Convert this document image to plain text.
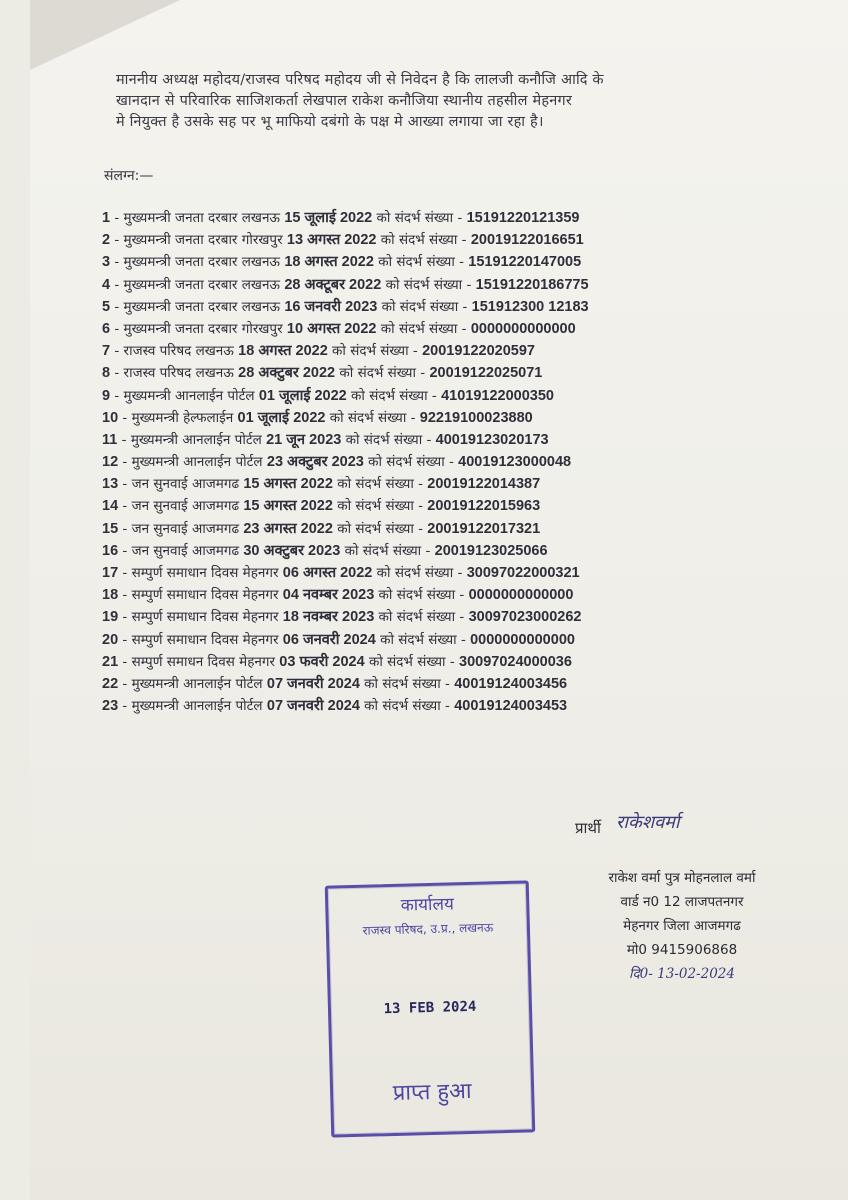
माननीय अध्यक्ष महोदय/राजस्व परिषद महोदय जी से निवेदन है कि लालजी कनौजि आदि के

खानदान से परिवारिक साजिशकर्ता लेखपाल राकेश कनौजिया स्थानीय तहसील मेहनगर

मे नियुक्त है उसके सह पर भू माफियो दबंगो के पक्ष मे आख्या लगाया जा रहा है।

संलग्न:—
1 - मुख्यमन्त्री जनता दरबार लखनऊ 15 जूलाई 2022 को संदर्भ संख्या - 15191220121359
2 - मुख्यमन्त्री जनता दरबार गोरखपुर 13 अगस्त 2022 को संदर्भ संख्या - 20019122016651
3 - मुख्यमन्त्री जनता दरबार लखनऊ 18 अगस्त 2022 को संदर्भ संख्या - 15191220147005
4 - मुख्यमन्त्री जनता दरबार लखनऊ 28 अक्टूबर 2022 को संदर्भ संख्या - 15191220186775
5 - मुख्यमन्त्री जनता दरबार लखनऊ 16 जनवरी 2023 को संदर्भ संख्या - 151912300 12183
6 - मुख्यमन्त्री जनता दरबार गोरखपुर 10 अगस्त 2022 को संदर्भ संख्या - 0000000000000
7 - राजस्व परिषद लखनऊ 18 अगस्त 2022 को संदर्भ संख्या - 20019122020597
8 - राजस्व परिषद लखनऊ 28 अक्टुबर 2022 को संदर्भ संख्या - 20019122025071
9 - मुख्यमन्त्री आनलाईन पोर्टल 01 जूलाई 2022 को संदर्भ संख्या - 41019122000350
10 - मुख्यमन्त्री हेल्फलाईन 01 जूलाई 2022 को संदर्भ संख्या - 92219100023880
11 - मुख्यमन्त्री आनलाईन पोर्टल 21 जून 2023 को संदर्भ संख्या - 40019123020173
12 - मुख्यमन्त्री आनलाईन पोर्टल 23 अक्टुबर 2023 को संदर्भ संख्या - 40019123000048
13 - जन सुनवाई आजमगढ 15 अगस्त 2022 को संदर्भ संख्या - 20019122014387
14 - जन सुनवाई आजमगढ 15 अगस्त 2022 को संदर्भ संख्या - 20019122015963
15 - जन सुनवाई आजमगढ 23 अगस्त 2022 को संदर्भ संख्या - 20019122017321
16 - जन सुनवाई आजमगढ 30 अक्टुबर 2023 को संदर्भ संख्या - 20019123025066
17 - सम्पुर्ण समाधान दिवस मेहनगर 06 अगस्त 2022 को संदर्भ संख्या - 30097022000321
18 - सम्पुर्ण समाधान दिवस मेहनगर 04 नवम्बर 2023 को संदर्भ संख्या - 0000000000000
19 - सम्पुर्ण समाधान दिवस मेहनगर 18 नवम्बर 2023 को संदर्भ संख्या - 30097023000262
20 - सम्पुर्ण समाधान दिवस मेहनगर 06 जनवरी 2024 को संदर्भ संख्या - 0000000000000
21 - सम्पुर्ण समाधन दिवस मेहनगर 03 फवरी 2024 को संदर्भ संख्या - 30097024000036
22 - मुख्यमन्त्री आनलाईन पोर्टल 07 जनवरी 2024 को संदर्भ संख्या - 40019124003456
23 - मुख्यमन्त्री आनलाईन पोर्टल 07 जनवरी 2024 को संदर्भ संख्या - 40019124003453
प्रार्थी राकेशवर्मा
राकेश वर्मा पुत्र मोहनलाल वर्मा
वार्ड न0 12 लाजपतनगर
मेहनगर जिला आजमगढ
मो0 9415906868
दि0- 13-02-2024
कार्यालय
राजस्व परिषद, उ.प्र., लखनऊ
13 FEB 2024
प्राप्त हुआ
